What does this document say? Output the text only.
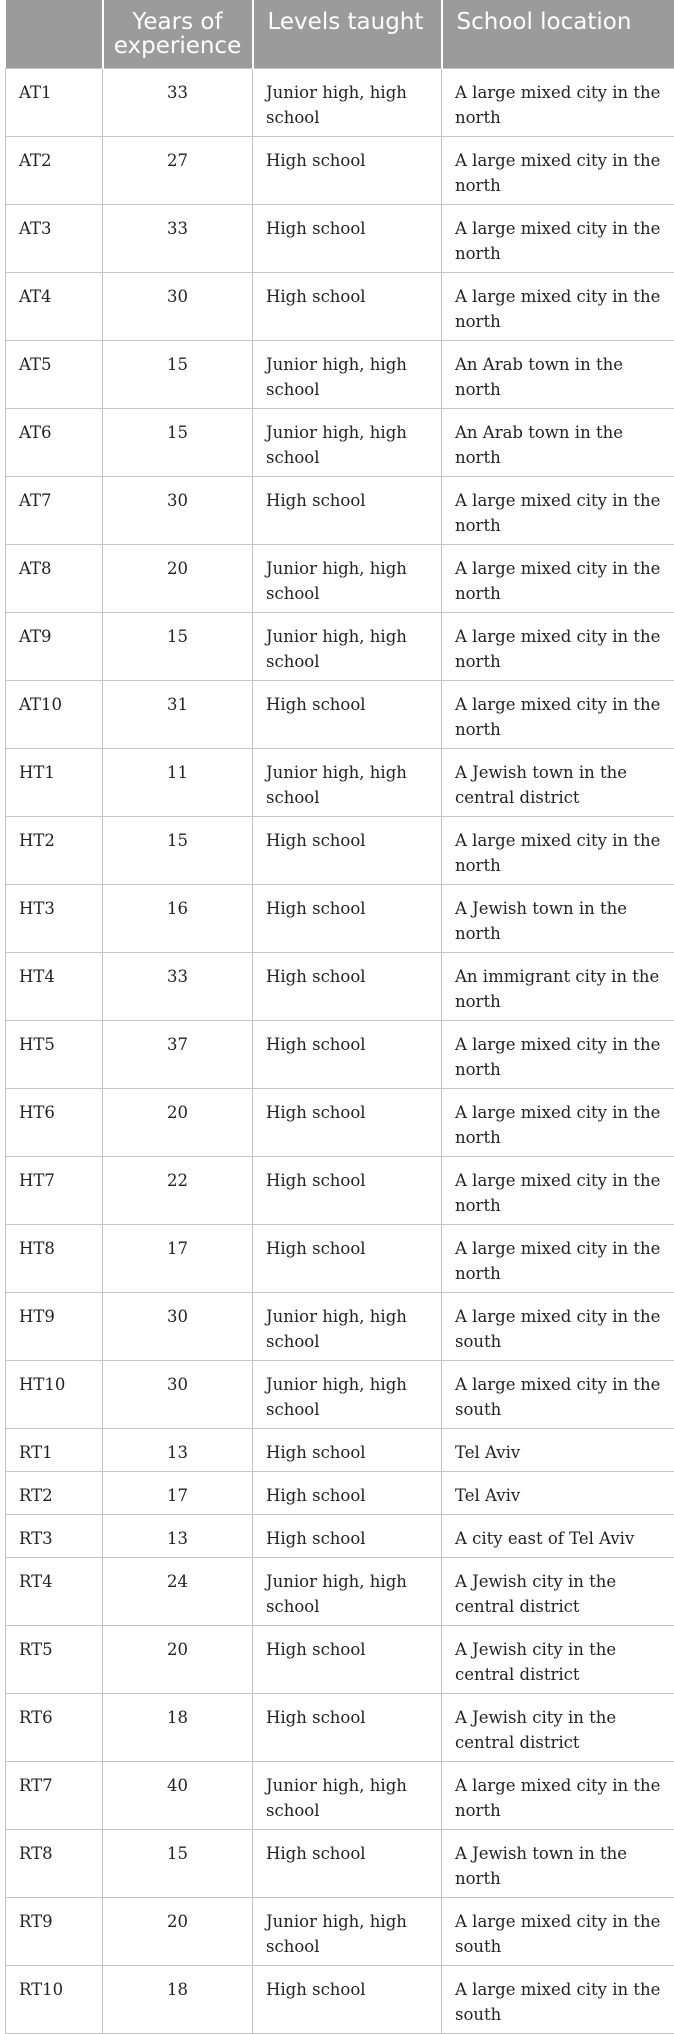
	Years of experience	Levels taught	School location
AT1	33	Junior high, high school	A large mixed city in the north
AT2	27	High school	A large mixed city in the north
AT3	33	High school	A large mixed city in the north
AT4	30	High school	A large mixed city in the north
AT5	15	Junior high, high school	An Arab town in the north
AT6	15	Junior high, high school	An Arab town in the north
AT7	30	High school	A large mixed city in the north
AT8	20	Junior high, high school	A large mixed city in the north
AT9	15	Junior high, high school	A large mixed city in the north
AT10	31	High school	A large mixed city in the north
HT1	11	Junior high, high school	A Jewish town in the central district
HT2	15	High school	A large mixed city in the north
HT3	16	High school	A Jewish town in the north
HT4	33	High school	An immigrant city in the north
HT5	37	High school	A large mixed city in the north
HT6	20	High school	A large mixed city in the north
HT7	22	High school	A large mixed city in the north
HT8	17	High school	A large mixed city in the north
HT9	30	Junior high, high school	A large mixed city in the south
HT10	30	Junior high, high school	A large mixed city in the south
RT1	13	High school	Tel Aviv
RT2	17	High school	Tel Aviv
RT3	13	High school	A city east of Tel Aviv
RT4	24	Junior high, high school	A Jewish city in the central district
RT5	20	High school	A Jewish city in the central district
RT6	18	High school	A Jewish city in the central district
RT7	40	Junior high, high school	A large mixed city in the north
RT8	15	High school	A Jewish town in the north
RT9	20	Junior high, high school	A large mixed city in the south
RT10	18	High school	A large mixed city in the south
